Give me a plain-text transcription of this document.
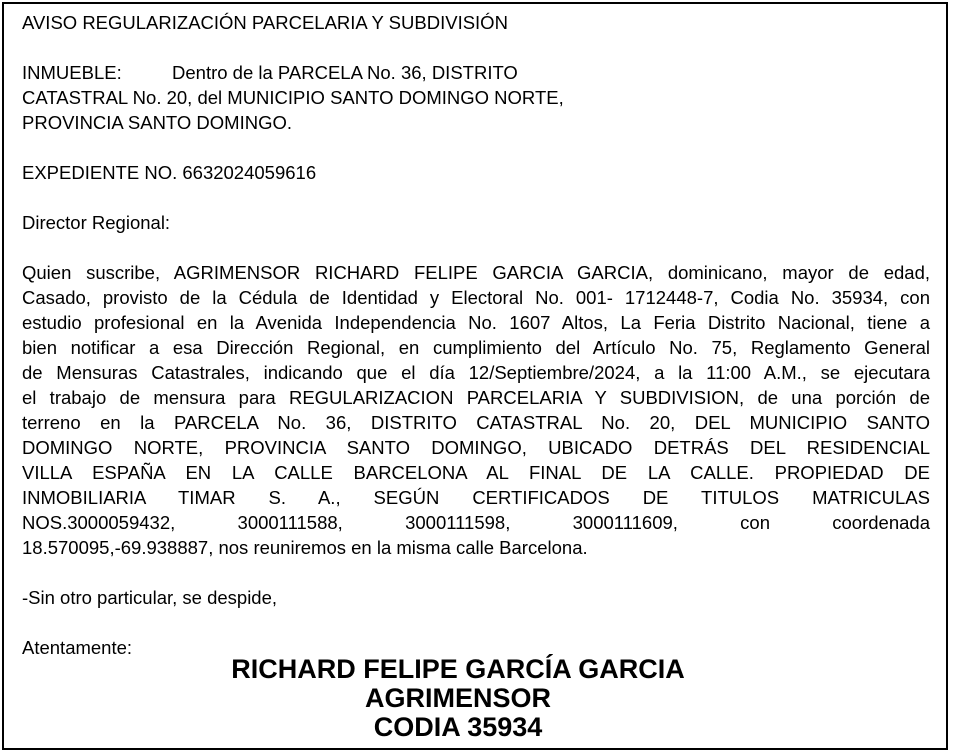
AVISO REGULARIZACIÓN PARCELARIA Y SUBDIVISIÓN
INMUEBLE:	Dentro de la PARCELA No. 36, DISTRITO
CATASTRAL No. 20, del MUNICIPIO SANTO DOMINGO NORTE,
PROVINCIA SANTO DOMINGO.
EXPEDIENTE NO. 6632024059616
Director Regional:
Quien suscribe, AGRIMENSOR RICHARD FELIPE GARCIA GARCIA, dominicano, mayor de edad,
Casado, provisto de la Cédula de Identidad y Electoral No. 001- 1712448-7, Codia No. 35934, con
estudio profesional en la Avenida Independencia No. 1607 Altos, La Feria Distrito Nacional, tiene a
bien notificar a esa Dirección Regional, en cumplimiento del Artículo No. 75, Reglamento General
de Mensuras Catastrales, indicando que el día 12/Septiembre/2024, a la 11:00 A.M., se ejecutara
el trabajo de mensura para REGULARIZACION PARCELARIA Y SUBDIVISION, de una porción de
terreno en la PARCELA No. 36, DISTRITO CATASTRAL No. 20, DEL MUNICIPIO SANTO
DOMINGO NORTE, PROVINCIA SANTO DOMINGO, UBICADO DETRÁS DEL RESIDENCIAL
VILLA ESPAÑA EN LA CALLE BARCELONA AL FINAL DE LA CALLE. PROPIEDAD DE
INMOBILIARIA TIMAR S. A., SEGÚN CERTIFICADOS DE TITULOS MATRICULAS
NOS.3000059432, 3000111588, 3000111598, 3000111609, con coordenada
18.570095,-69.938887, nos reuniremos en la misma calle Barcelona.
-Sin otro particular, se despide,
Atentamente:
RICHARD FELIPE GARCÍA GARCIA
AGRIMENSOR
CODIA 35934
